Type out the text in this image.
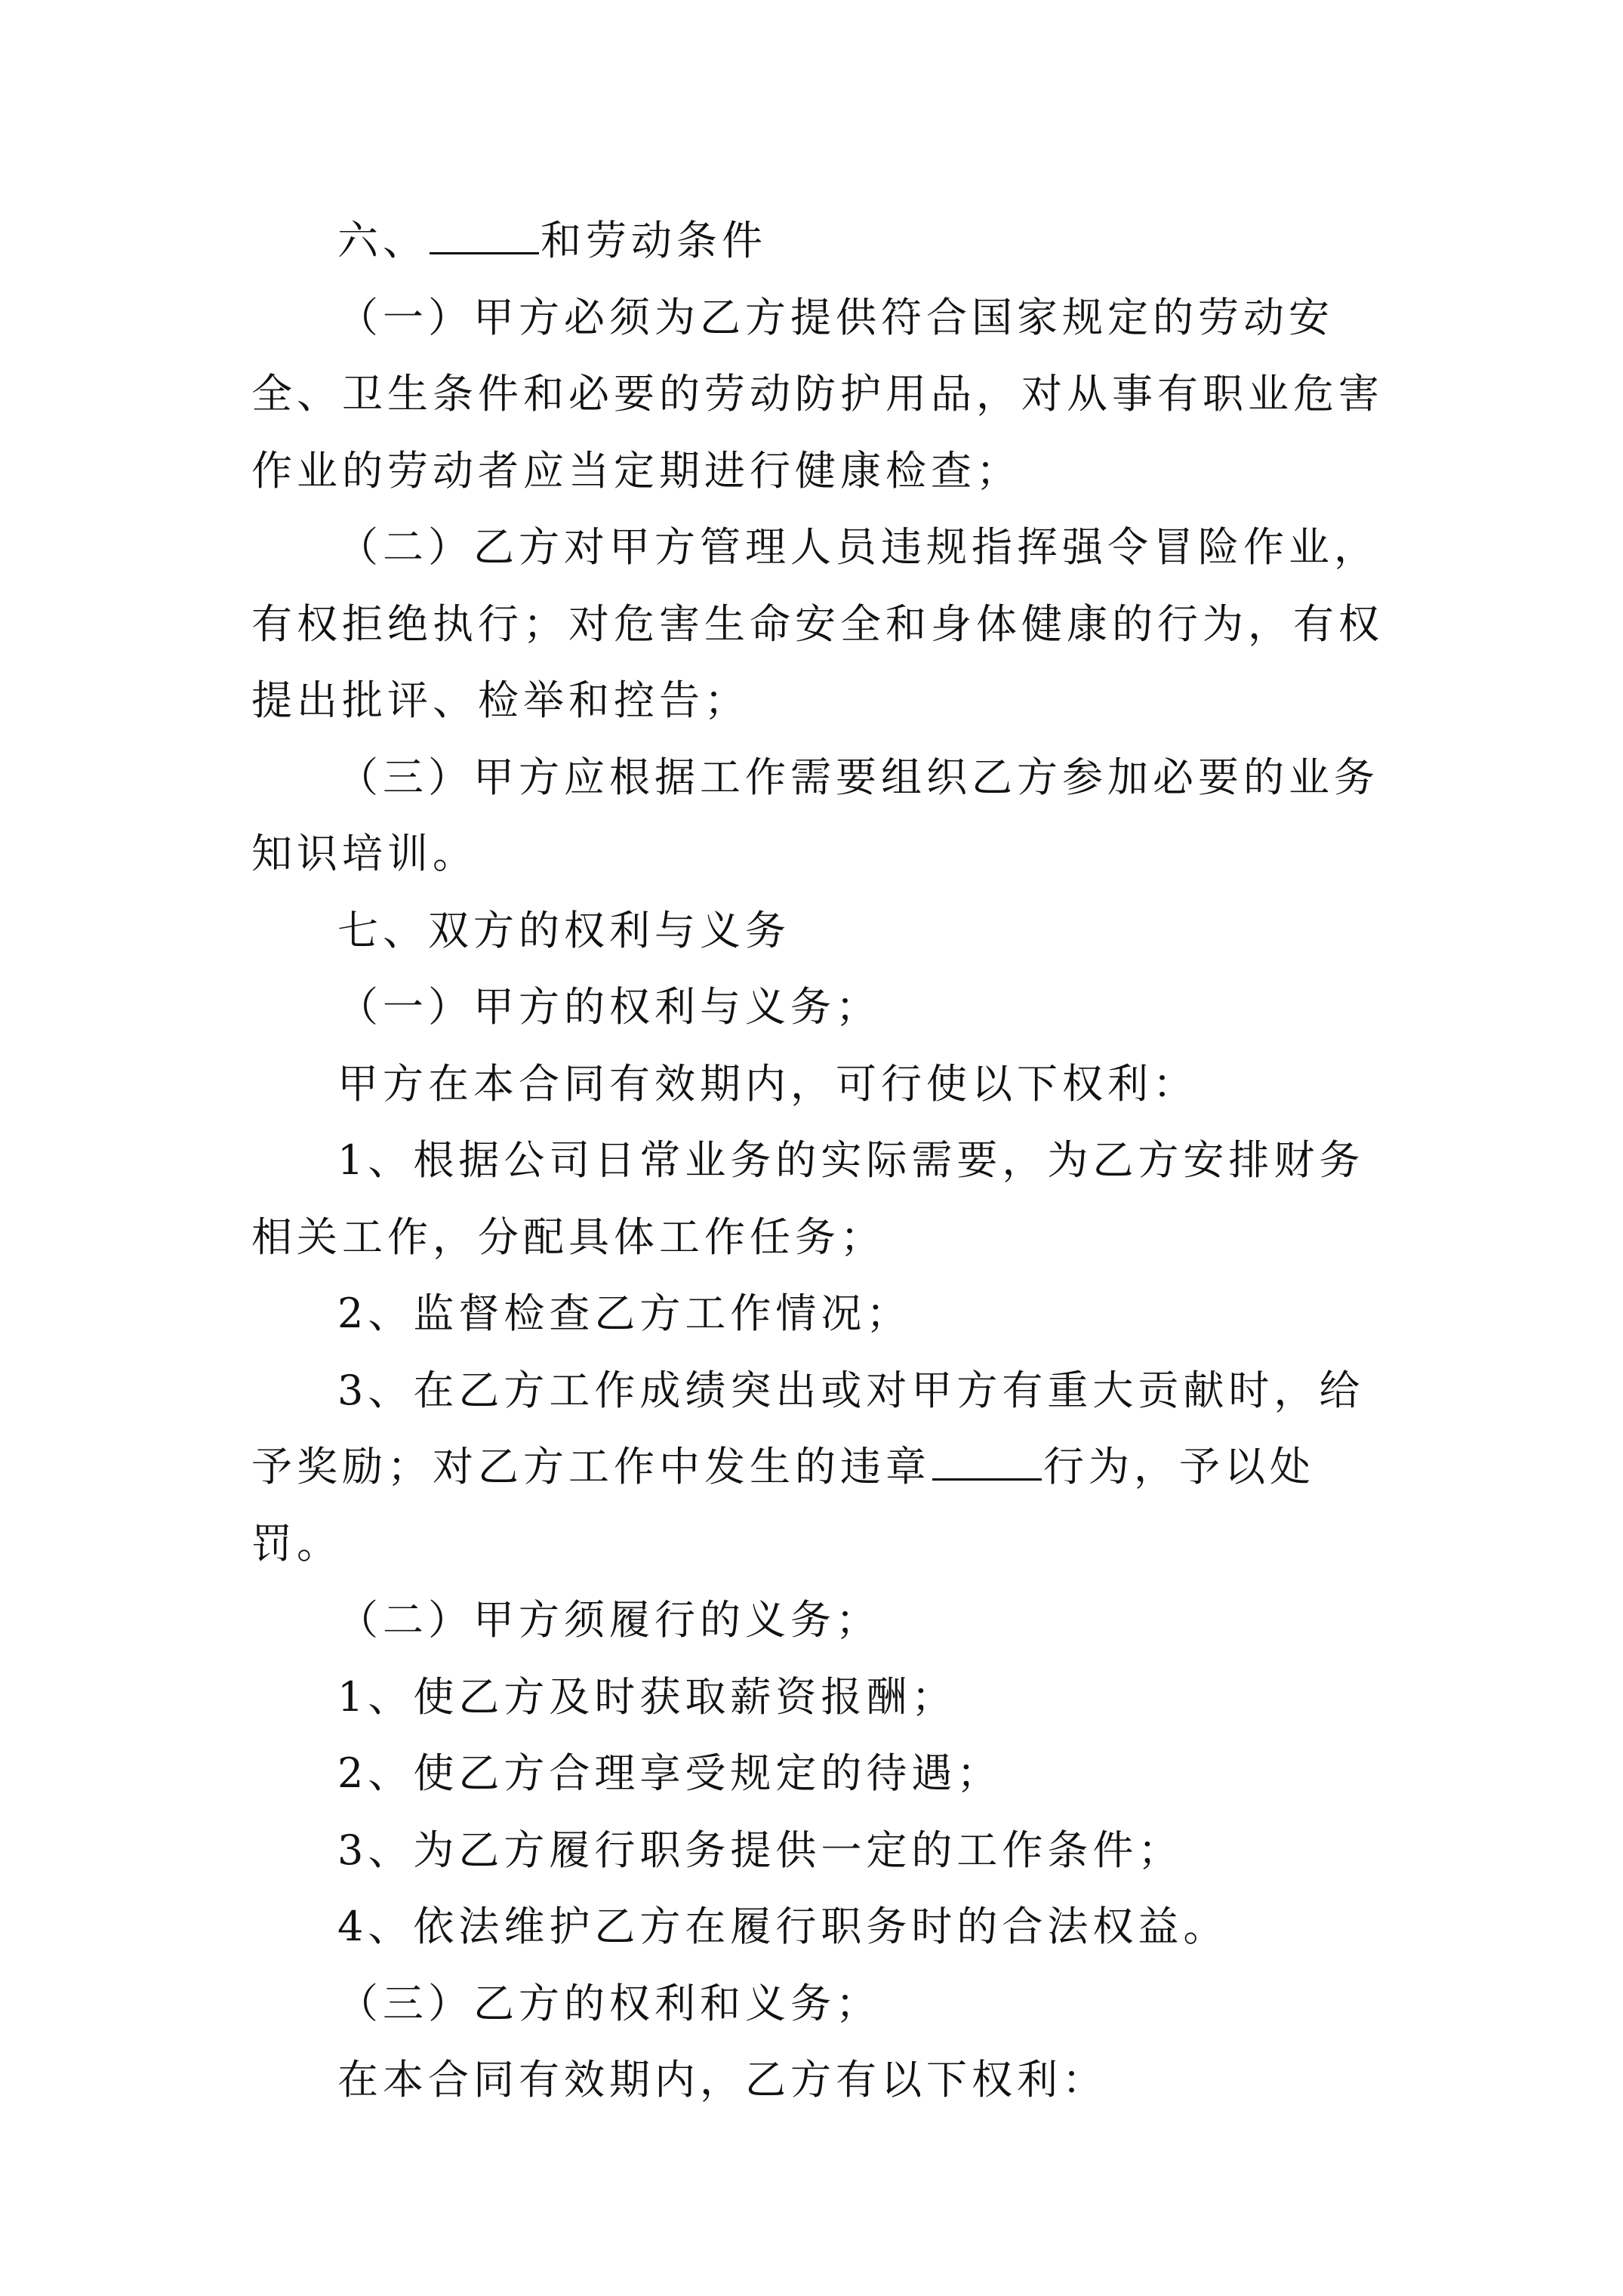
六、	和劳动条件

（一）甲方必须为乙方提供符合国家规定的劳动安全、卫生条件和必要的劳动防护用品，对从事有职业危害作业的劳动者应当定期进行健康检查；

（二）乙方对甲方管理人员违规指挥强令冒险作业，有权拒绝执行；对危害生命安全和身体健康的行为，有权提出批评、检举和控告；

（三）甲方应根据工作需要组织乙方参加必要的业务知识培训。

七、双方的权利与义务

（一）甲方的权利与义务；

甲方在本合同有效期内，可行使以下权利：

1、根据公司日常业务的实际需要，为乙方安排财务相关工作，分配具体工作任务；

2、监督检查乙方工作情况；

3、在乙方工作成绩突出或对甲方有重大贡献时，给予奖励；对乙方工作中发生的违章	行为，予以处罚。

（二）甲方须履行的义务；

1、使乙方及时获取薪资报酬；

2、使乙方合理享受规定的待遇；

3、为乙方履行职务提供一定的工作条件；

4、依法维护乙方在履行职务时的合法权益。

（三）乙方的权利和义务；

在本合同有效期内，乙方有以下权利：
